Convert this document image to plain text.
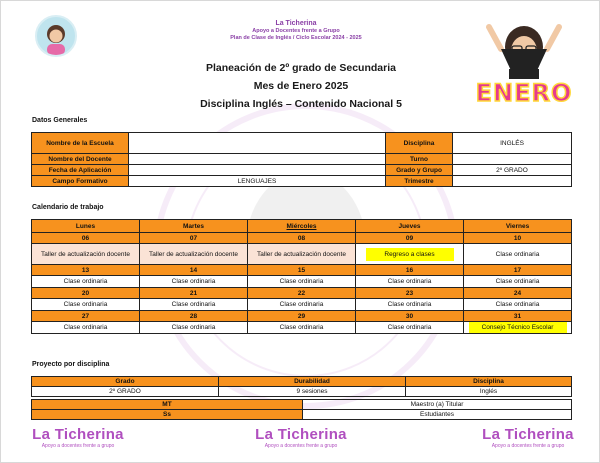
La Ticherina
Apoyo a Docentes frente a Grupo
Plan de Clase de Inglés / Ciclo Escolar 2024 - 2025
Planeación de 2º grado de Secundaria
Mes de Enero 2025
Disciplina Inglés – Contenido Nacional 5	ENERO
Datos Generales
Nombre de la Escuela		Disciplina	INGLÉS
Nombre del Docente		Turno	
Fecha de Aplicación		Grado y Grupo	2º GRADO
Campo Formativo	LENGUAJES	Trimestre	
Calendario de trabajo
Lunes	Martes	Miércoles	Jueves	Viernes
06	07	08	09	10
Taller de actualización docente	Taller de actualización docente	Taller de actualización docente	Regreso a clases	Clase ordinaria
13	14	15	16	17
Clase ordinaria	Clase ordinaria	Clase ordinaria	Clase ordinaria	Clase ordinaria
20	21	22	23	24
Clase ordinaria	Clase ordinaria	Clase ordinaria	Clase ordinaria	Clase ordinaria
27	28	29	30	31
Clase ordinaria	Clase ordinaria	Clase ordinaria	Clase ordinaria	Consejo Técnico Escolar
Proyecto por disciplina
Grado	Durabilidad	Disciplina
2º GRADO	9 sesiones	Inglés
MT	Maestro (a) Titular
Ss	Estudiantes
La Ticherina
Apoyo a docentes frente a grupo
La Ticherina
Apoyo a docentes frente a grupo
La Ticherina
Apoyo a docentes frente a grupo
